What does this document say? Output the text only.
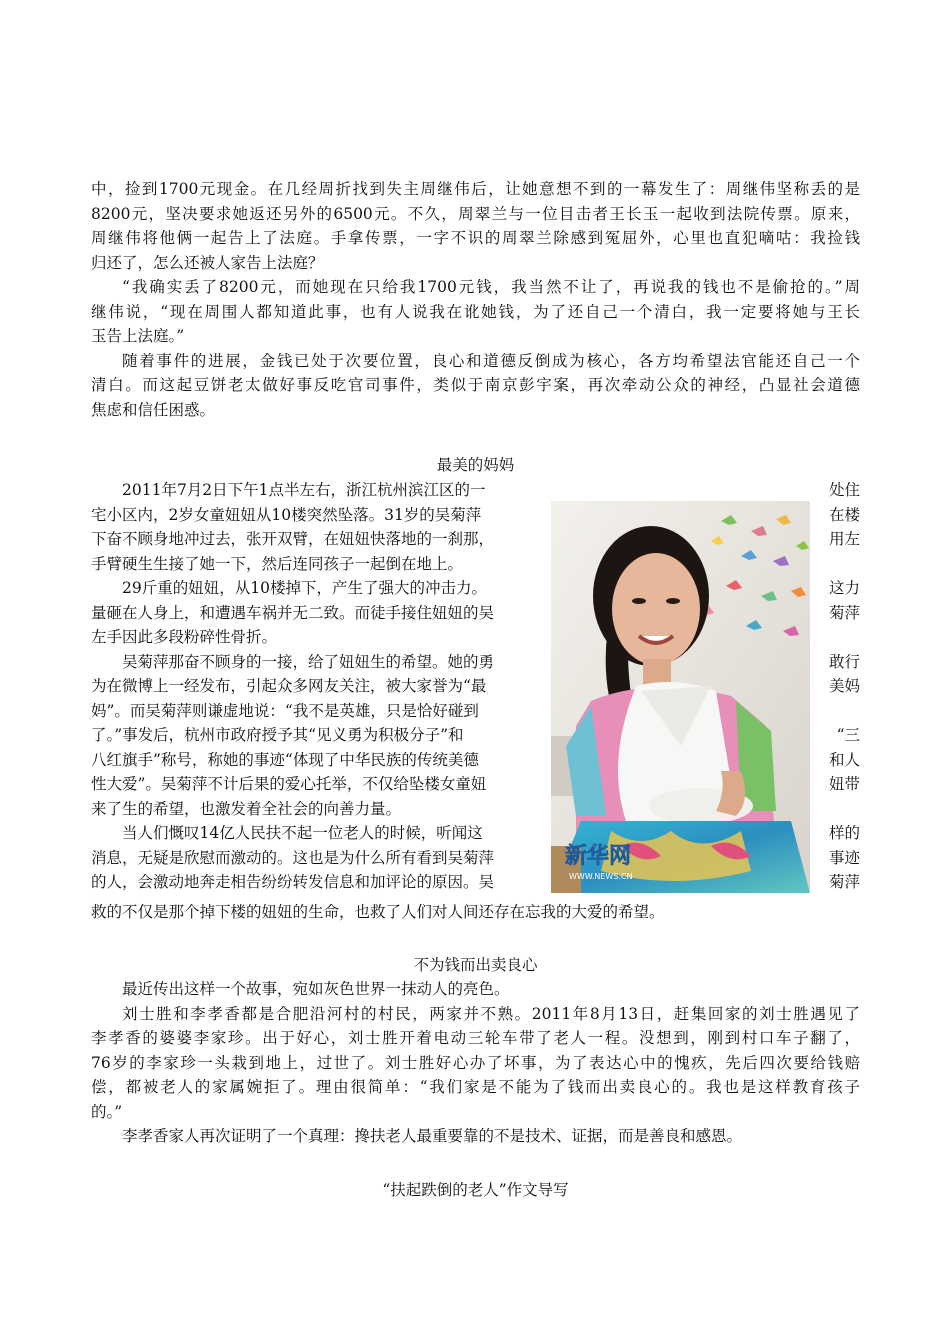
中，捡到1700元现金。在几经周折找到失主周继伟后，让她意想不到的一幕发生了：周继伟坚称丢的是

8200元，坚决要求她返还另外的6500元。不久，周翠兰与一位目击者王长玉一起收到法院传票。原来，

周继伟将他俩一起告上了法庭。手拿传票，一字不识的周翠兰除感到冤屈外，心里也直犯嘀咕：我捡钱

归还了，怎么还被人家告上法庭？

“我确实丢了8200元，而她现在只给我1700元钱，我当然不让了，再说我的钱也不是偷抢的。”周

继伟说，“现在周围人都知道此事，也有人说我在讹她钱，为了还自己一个清白，我一定要将她与王长

玉告上法庭。”

随着事件的进展，金钱已处于次要位置，良心和道德反倒成为核心，各方均希望法官能还自己一个

清白。而这起豆饼老太做好事反吃官司事件，类似于南京彭宇案，再次牵动公众的神经，凸显社会道德

焦虑和信任困惑。

最美的妈妈
2011年7月2日下午1点半左右，浙江杭州滨江区的一	处住
宅小区内，2岁女童妞妞从10楼突然坠落。31岁的吴菊萍	在楼
下奋不顾身地冲过去，张开双臂，在妞妞快落地的一刹那，	用左
手臂硬生生接了她一下，然后连同孩子一起倒在地上。
29斤重的妞妞，从10楼掉下，产生了强大的冲击力。	这力
量砸在人身上，和遭遇车祸并无二致。而徒手接住妞妞的吴	菊萍
左手因此多段粉碎性骨折。
吴菊萍那奋不顾身的一接，给了妞妞生的希望。她的勇	敢行
为在微博上一经发布，引起众多网友关注，被大家誉为“最	美妈
妈”。而吴菊萍则谦虚地说：“我不是英雄，只是恰好碰到
了。”事发后，杭州市政府授予其“见义勇为积极分子”和	“三
八红旗手”称号，称她的事迹“体现了中华民族的传统美德	和人
性大爱”。吴菊萍不计后果的爱心托举，不仅给坠楼女童妞	妞带
来了生的希望，也激发着全社会的向善力量。
当人们慨叹14亿人民扶不起一位老人的时候，听闻这	样的
消息，无疑是欣慰而激动的。这也是为什么所有看到吴菊萍	事迹
的人，会激动地奔走相告纷纷转发信息和加评论的原因。吴	菊萍

救的不仅是那个掉下楼的妞妞的生命，也救了人们对人间还存在忘我的大爱的希望。

新华网
WWW.NEWS.CN
不为钱而出卖良心

最近传出这样一个故事，宛如灰色世界一抹动人的亮色。

刘士胜和李孝香都是合肥沿河村的村民，两家并不熟。2011年8月13日，赶集回家的刘士胜遇见了

李孝香的婆婆李家珍。出于好心，刘士胜开着电动三轮车带了老人一程。没想到，刚到村口车子翻了，

76岁的李家珍一头栽到地上，过世了。刘士胜好心办了坏事，为了表达心中的愧疚，先后四次要给钱赔

偿，都被老人的家属婉拒了。理由很简单：“我们家是不能为了钱而出卖良心的。我也是这样教育孩子

的。”

李孝香家人再次证明了一个真理：搀扶老人最重要靠的不是技术、证据，而是善良和感恩。

“扶起跌倒的老人”作文导写
